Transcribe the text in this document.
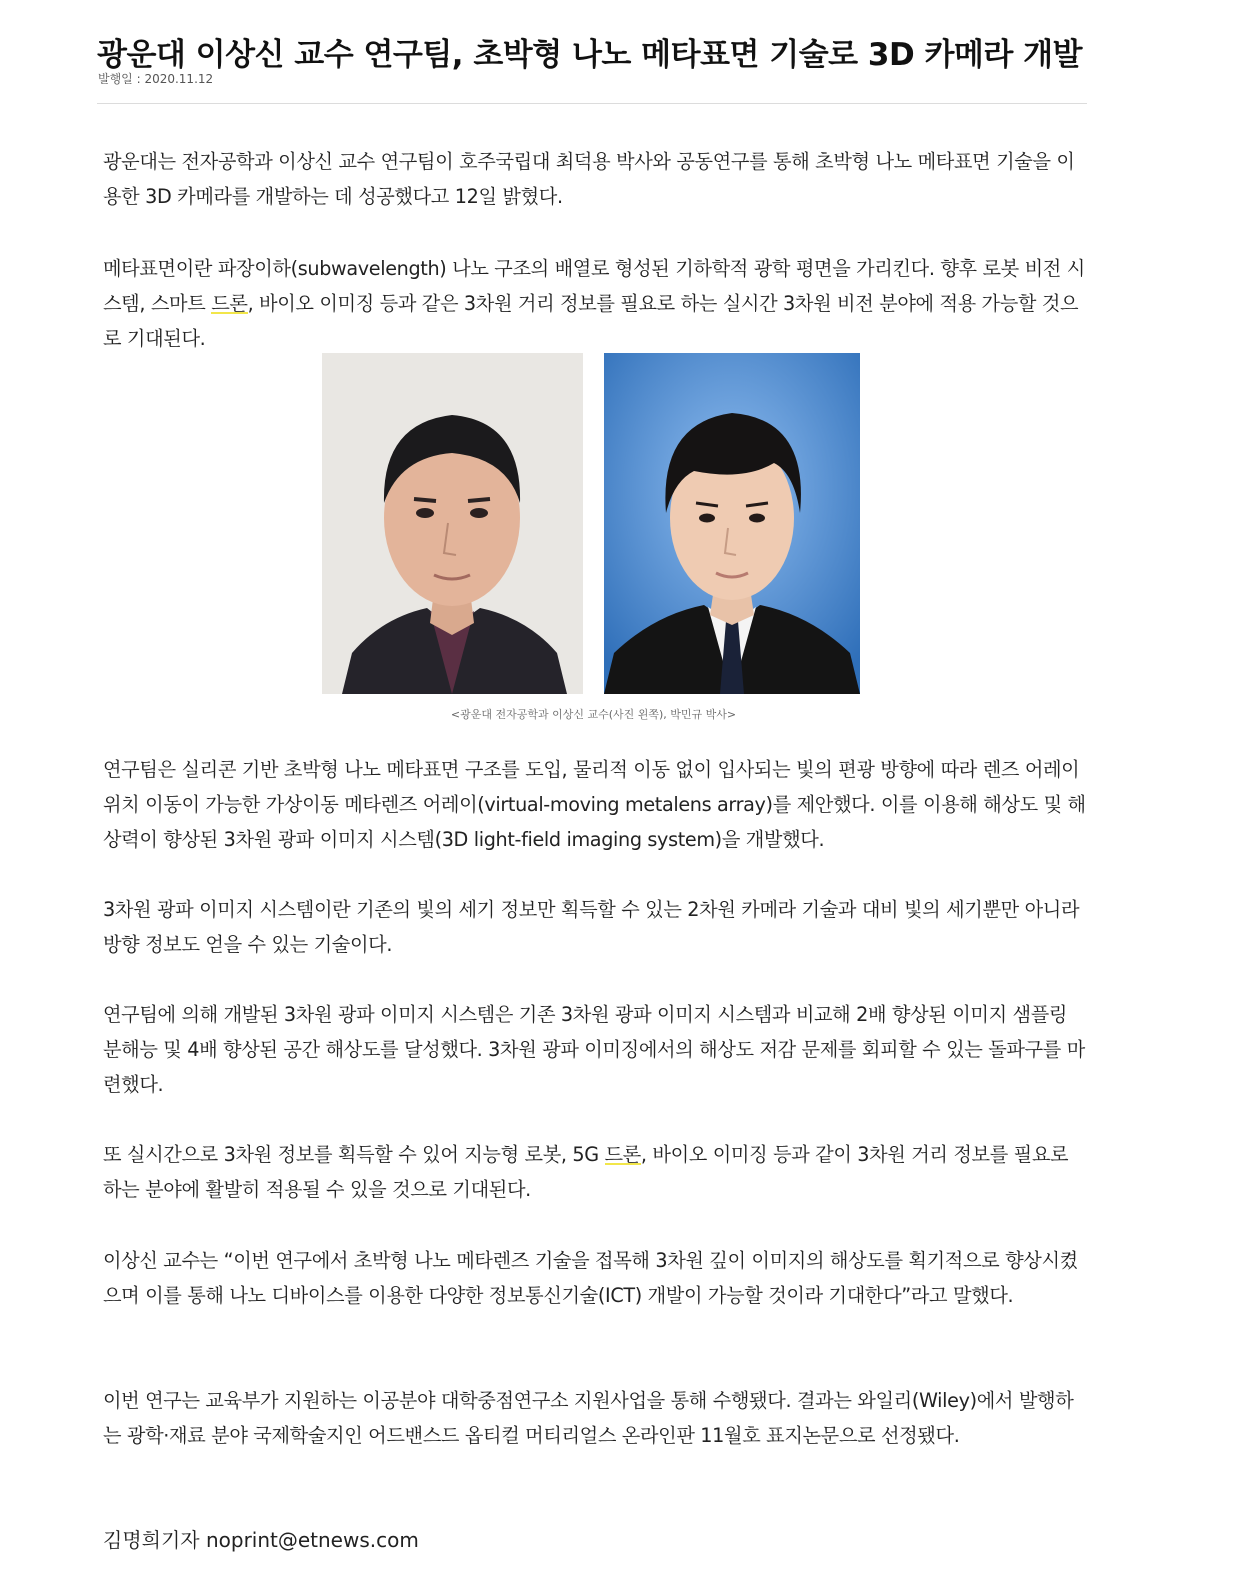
광운대 이상신 교수 연구팀, 초박형 나노 메타표면 기술로 3D 카메라 개발
발행일 : 2020.11.12

광운대는 전자공학과 이상신 교수 연구팀이 호주국립대 최덕용 박사와 공동연구를 통해 초박형 나노 메타표면 기술을 이용한 3D 카메라를 개발하는 데 성공했다고 12일 밝혔다.

메타표면이란 파장이하(subwavelength) 나노 구조의 배열로 형성된 기하학적 광학 평면을 가리킨다. 향후 로봇 비전 시스템, 스마트 드론, 바이오 이미징 등과 같은 3차원 거리 정보를 필요로 하는 실시간 3차원 비전 분야에 적용 가능할 것으로 기대된다.

<광운대 전자공학과 이상신 교수(사진 왼쪽), 박민규 박사>

연구팀은 실리콘 기반 초박형 나노 메타표면 구조를 도입, 물리적 이동 없이 입사되는 빛의 편광 방향에 따라 렌즈 어레이 위치 이동이 가능한 가상이동 메타렌즈 어레이(virtual-moving metalens array)를 제안했다. 이를 이용해 해상도 및 해상력이 향상된 3차원 광파 이미지 시스템(3D light-field imaging system)을 개발했다.

3차원 광파 이미지 시스템이란 기존의 빛의 세기 정보만 획득할 수 있는 2차원 카메라 기술과 대비 빛의 세기뿐만 아니라 방향 정보도 얻을 수 있는 기술이다.

연구팀에 의해 개발된 3차원 광파 이미지 시스템은 기존 3차원 광파 이미지 시스템과 비교해 2배 향상된 이미지 샘플링 분해능 및 4배 향상된 공간 해상도를 달성했다. 3차원 광파 이미징에서의 해상도 저감 문제를 회피할 수 있는 돌파구를 마련했다.

또 실시간으로 3차원 정보를 획득할 수 있어 지능형 로봇, 5G 드론, 바이오 이미징 등과 같이 3차원 거리 정보를 필요로 하는 분야에 활발히 적용될 수 있을 것으로 기대된다.

이상신 교수는 “이번 연구에서 초박형 나노 메타렌즈 기술을 접목해 3차원 깊이 이미지의 해상도를 획기적으로 향상시켰으며 이를 통해 나노 디바이스를 이용한 다양한 정보통신기술(ICT) 개발이 가능할 것이라 기대한다”라고 말했다.

이번 연구는 교육부가 지원하는 이공분야 대학중점연구소 지원사업을 통해 수행됐다. 결과는 와일리(Wiley)에서 발행하는 광학·재료 분야 국제학술지인 어드밴스드 옵티컬 머티리얼스 온라인판 11월호 표지논문으로 선정됐다.

김명희기자 noprint@etnews.com
